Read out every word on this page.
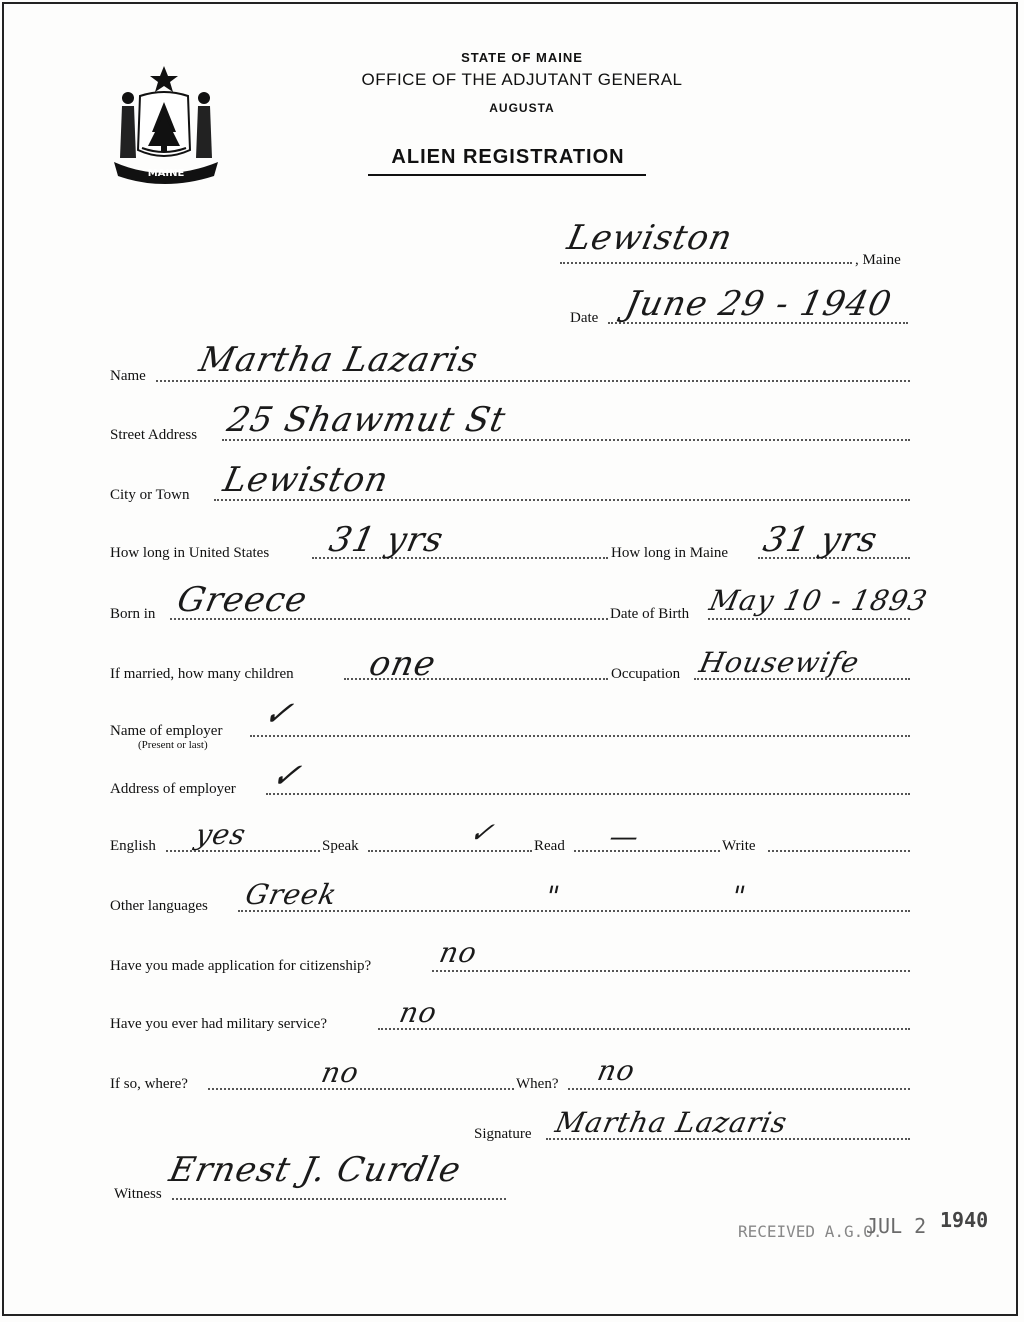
MAINE
STATE OF MAINE
OFFICE OF THE ADJUTANT GENERAL
AUGUSTA
ALIEN REGISTRATION
Lewiston
, Maine
Date June 29 - 1940
Name Martha Lazaris
Street Address 25 Shawmut St
City or Town Lewiston
How long in United States 31 yrs	How long in Maine 31 yrs
Born in Greece	Date of Birth May 10 - 1893
If married, how many children one	Occupation Housewife
Name of employer
(Present or last)
✓
Address of employer ✓
English yes	Speak	✓ Read —	Write
Other languages Greek	"	"
Have you made application for citizenship? no
Have you ever had military service? no
If so, where?	no	When? no
Signature Martha Lazaris
Witness
Ernest J. Curdle
RECEIVED A.G.O.
JUL 2 1940
